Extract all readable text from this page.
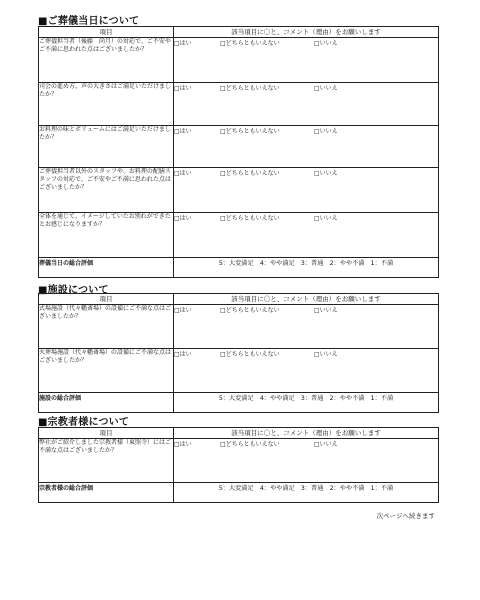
■ご葬儀当日について
項目	該当項目に〇と、コメント（理由）をお願いします
ご葬儀担当者（後藤　尚月）の対応で、ご不安やご不満に思われた点はございましたか？	□はい □どちらともいえない □いいえ

司会の進め方、声の大きさはご満足いただけましたか？	□はい □どちらともいえない □いいえ

お料理の味とボリュームにはご満足いただけましたか？	□はい □どちらともいえない □いいえ

ご葬儀担当者以外のスタッフや、お料理の配膳スタッフの対応で、ご不安やご不満に思われた点はございましたか？	□はい □どちらともいえない □いいえ

全体を通じて、イメージしていたお別れができたとお感じになりますか？	□はい □どちらともいえない □いいえ

葬儀当日の総合評価	5：大変満足　4：やや満足　3：普通　2：やや不満　1：不満
■施設について
項目	該当項目に〇と、コメント（理由）をお願いします
式場施設（代々幡斎場）の設備にご不満な点はございましたか？	□はい □どちらともいえない □いいえ

火葬場施設（代々幡斎場）の設備にご不満な点はございましたか？	□はい □どちらともいえない □いいえ

施設の総合評価	5：大変満足　4：やや満足　3：普通　2：やや不満　1：不満
■宗教者様について
項目	該当項目に〇と、コメント（理由）をお願いします
弊社がご紹介しました宗教者様（東照寺）にはご不満な点はございましたか？	□はい □どちらともいえない □いいえ

宗教者様の総合評価	5：大変満足　4：やや満足　3：普通　2：やや不満　1：不満
次ページへ続きます
